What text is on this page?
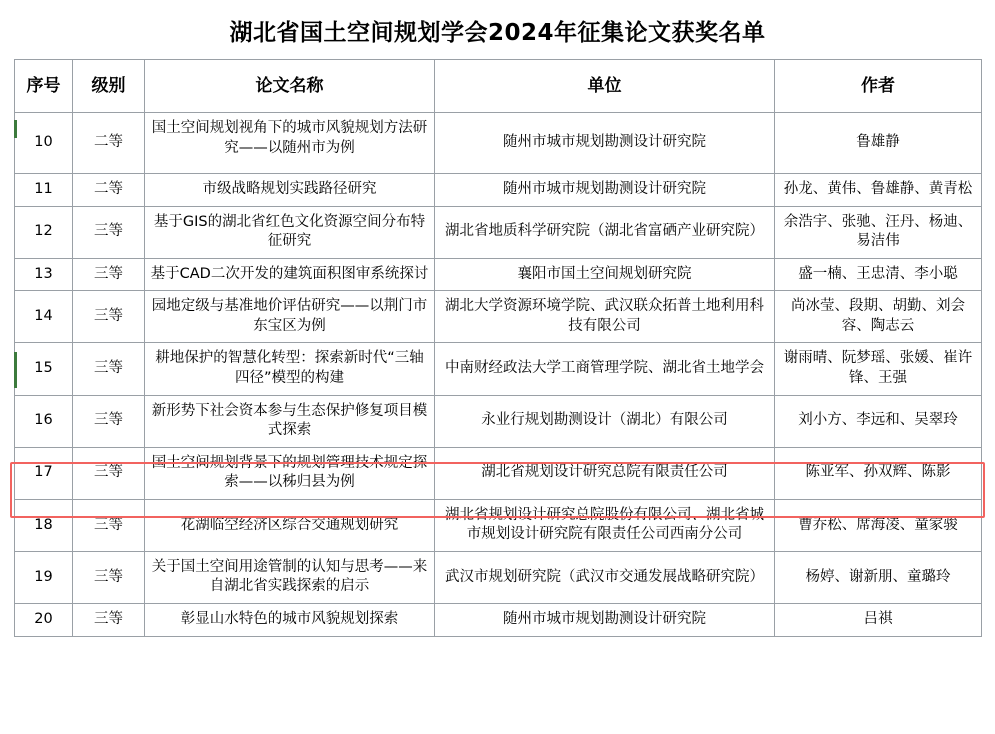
湖北省国土空间规划学会2024年征集论文获奖名单
序号	级别	论文名称	单位	作者
10	二等	国土空间规划视角下的城市风貌规划方法研究——以随州市为例	随州市城市规划勘测设计研究院	鲁雄静
11	二等	市级战略规划实践路径研究	随州市城市规划勘测设计研究院	孙龙、黄伟、鲁雄静、黄青松
12	三等	基于GIS的湖北省红色文化资源空间分布特征研究	湖北省地质科学研究院（湖北省富硒产业研究院）	余浩宇、张驰、汪丹、杨迪、易洁伟
13	三等	基于CAD二次开发的建筑面积图审系统探讨	襄阳市国土空间规划研究院	盛一楠、王忠清、李小聪
14	三等	园地定级与基准地价评估研究——以荆门市东宝区为例	湖北大学资源环境学院、武汉联众拓普土地利用科技有限公司	尚冰莹、段期、胡勤、刘会容、陶志云
15	三等	耕地保护的智慧化转型：探索新时代“三轴四径”模型的构建	中南财经政法大学工商管理学院、湖北省土地学会	谢雨晴、阮梦瑶、张媛、崔许锋、王强
16	三等	新形势下社会资本参与生态保护修复项目模式探索	永业行规划勘测设计（湖北）有限公司	刘小方、李远和、吴翠玲
17	三等	国土空间规划背景下的规划管理技术规定探索——以秭归县为例	湖北省规划设计研究总院有限责任公司	陈亚军、孙双辉、陈影
18	三等	花湖临空经济区综合交通规划研究	湖北省规划设计研究总院股份有限公司、湖北省城市规划设计研究院有限责任公司西南分公司	曹乔松、席海凌、童家骏
19	三等	关于国土空间用途管制的认知与思考——来自湖北省实践探索的启示	武汉市规划研究院（武汉市交通发展战略研究院）	杨婷、谢新朋、童璐玲
20	三等	彰显山水特色的城市风貌规划探索	随州市城市规划勘测设计研究院	吕祺
